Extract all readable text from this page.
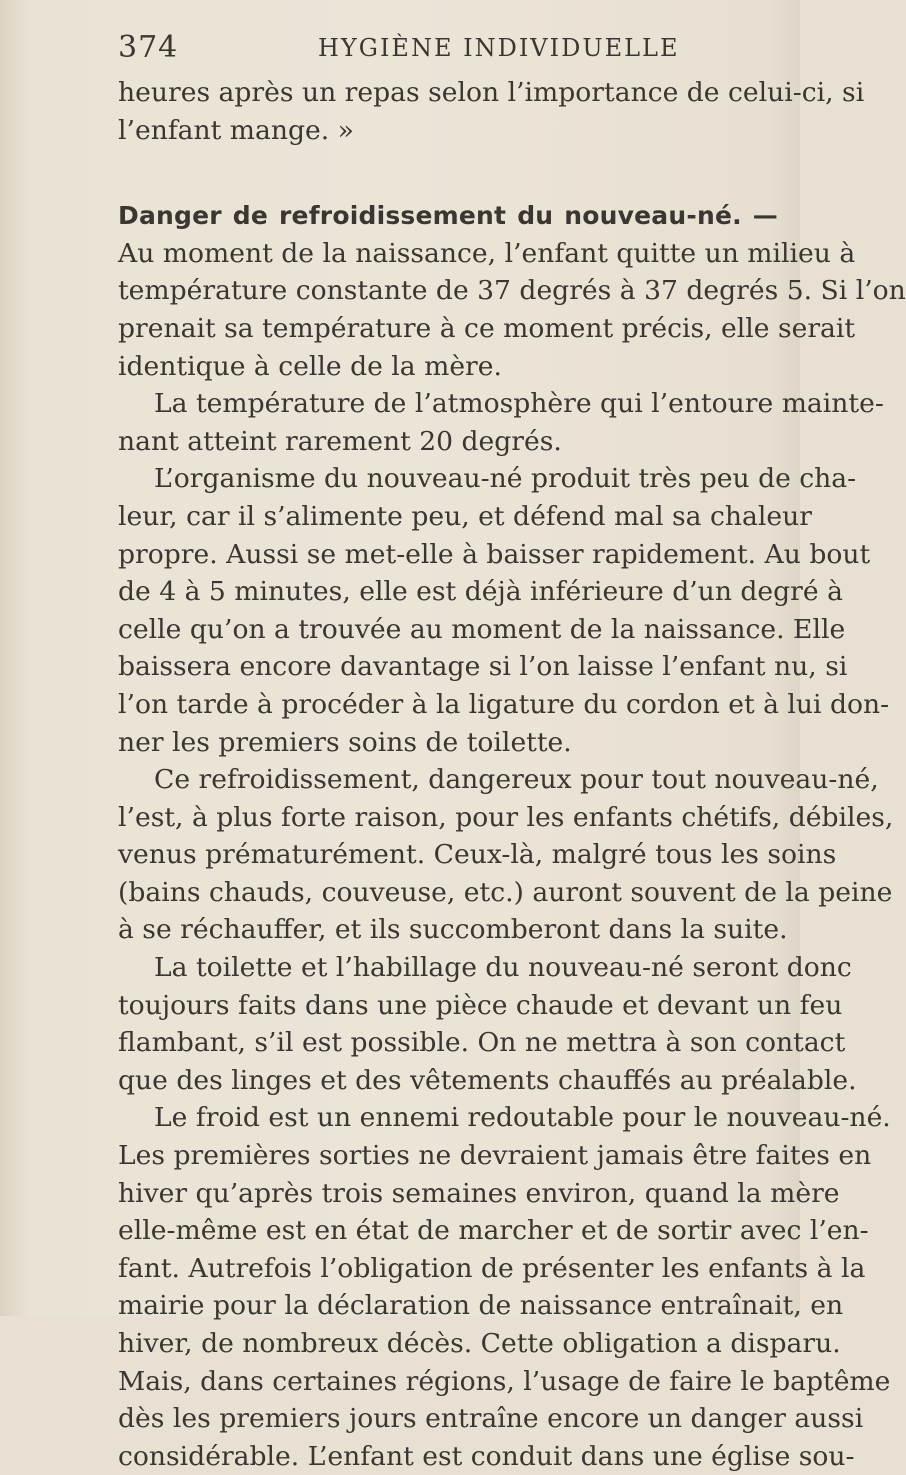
374	HYGIÈNE INDIVIDUELLE
heures après un repas selon l’importance de celui-ci, si
l’enfant mange. »
Danger de refroidissement du nouveau-né. —
Au moment de la naissance, l’enfant quitte un milieu à
température constante de 37 degrés à 37 degrés 5. Si l’on
prenait sa température à ce moment précis, elle serait
identique à celle de la mère.
La température de l’atmosphère qui l’entoure mainte-
nant atteint rarement 20 degrés.
L’organisme du nouveau-né produit très peu de cha-
leur, car il s’alimente peu, et défend mal sa chaleur
propre. Aussi se met-elle à baisser rapidement. Au bout
de 4 à 5 minutes, elle est déjà inférieure d’un degré à
celle qu’on a trouvée au moment de la naissance. Elle
baissera encore davantage si l’on laisse l’enfant nu, si
l’on tarde à procéder à la ligature du cordon et à lui don-
ner les premiers soins de toilette.
Ce refroidissement, dangereux pour tout nouveau-né,
l’est, à plus forte raison, pour les enfants chétifs, débiles,
venus prématurément. Ceux-là, malgré tous les soins
(bains chauds, couveuse, etc.) auront souvent de la peine
à se réchauffer, et ils succomberont dans la suite.
La toilette et l’habillage du nouveau-né seront donc
toujours faits dans une pièce chaude et devant un feu
flambant, s’il est possible. On ne mettra à son contact
que des linges et des vêtements chauffés au préalable.
Le froid est un ennemi redoutable pour le nouveau-né.
Les premières sorties ne devraient jamais être faites en
hiver qu’après trois semaines environ, quand la mère
elle-même est en état de marcher et de sortir avec l’en-
fant. Autrefois l’obligation de présenter les enfants à la
mairie pour la déclaration de naissance entraînait, en
hiver, de nombreux décès. Cette obligation a disparu.
Mais, dans certaines régions, l’usage de faire le baptême
dès les premiers jours entraîne encore un danger aussi
considérable. L’enfant est conduit dans une église sou-
